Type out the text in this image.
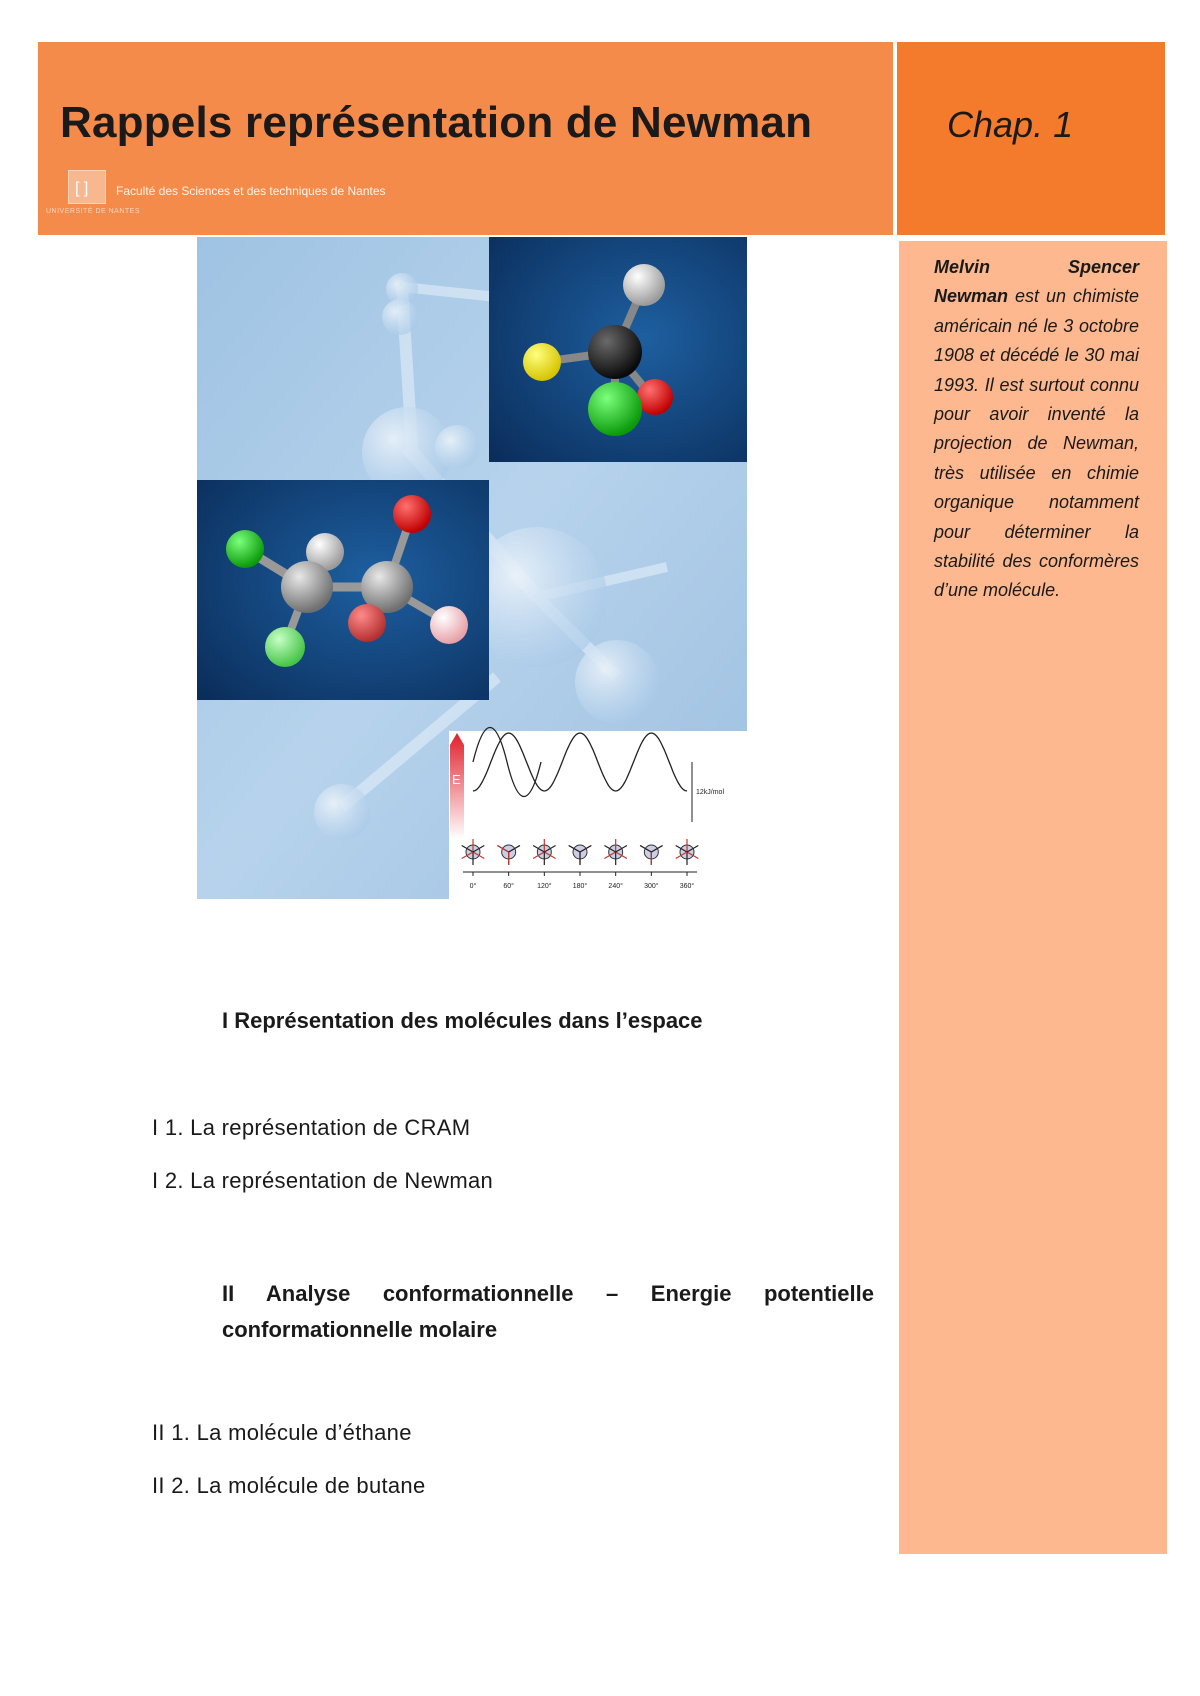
Rappels représentation de Newman
[ ] Faculté des Sciences et des techniques de Nantes
UNIVERSITÉ DE NANTES
Chap. 1
Melvin Spencer Newman est un chimiste américain né le 3 octobre 1908 et décédé le 30 mai 1993. Il est surtout connu pour avoir inventé la projection de Newman, très utilisée en chimie organique notamment pour déterminer la stabilité des conformères d’une molécule.
E
12kJ/mol
0°	60°	120°	180°	240°	300°	360°
I Représentation des molécules dans l’espace
I 1. La représentation de CRAM
I 2. La représentation de Newman
II Analyse conformationnelle – Energie potentielle conformationnelle molaire
II 1. La molécule d’éthane
II 2. La molécule de butane
